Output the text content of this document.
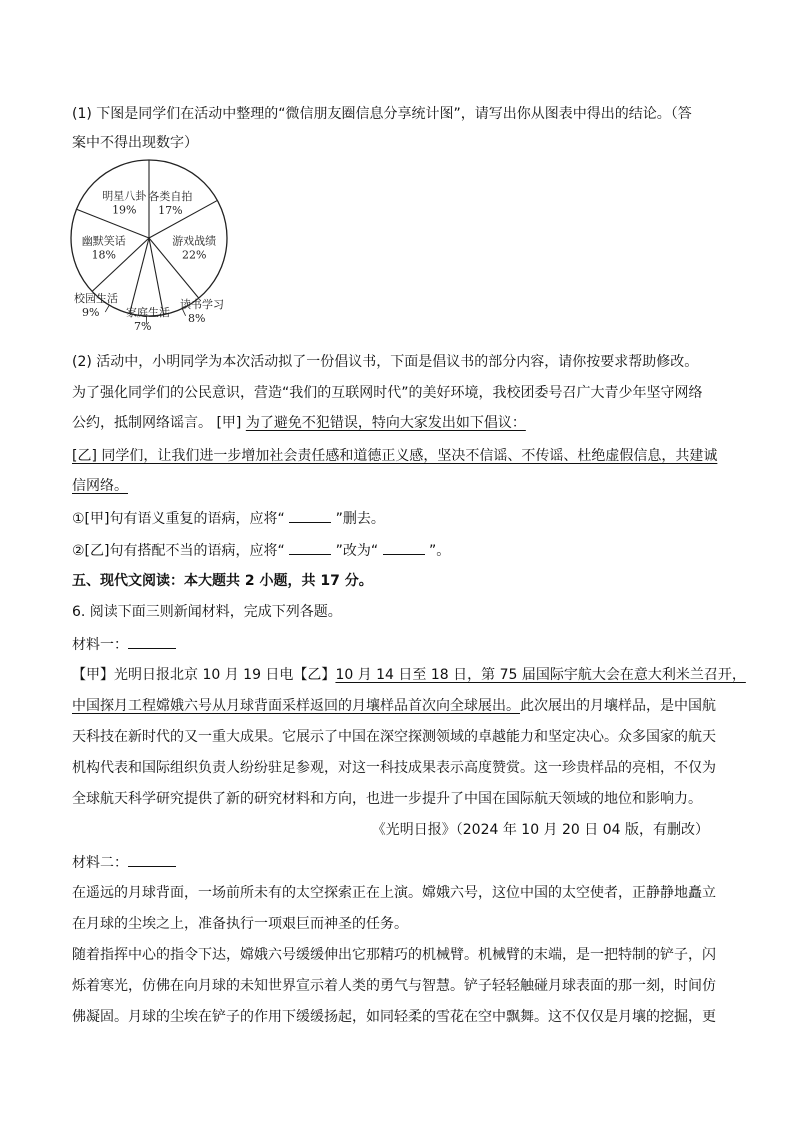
(1) 下图是同学们在活动中整理的“微信朋友圈信息分享统计图”，请写出你从图表中得出的结论。（答
案中不得出现数字）
各类自拍
17%
游戏战绩
22%
读书学习
8%
家庭生活
7%
校园生活
9%
幽默笑话
18%
明星八卦
19%
(2) 活动中，小明同学为本次活动拟了一份倡议书，下面是倡议书的部分内容，请你按要求帮助修改。
为了强化同学们的公民意识，营造“我们的互联网时代”的美好环境，我校团委号召广大青少年坚守网络
公约，抵制网络谣言。 [甲] 为了避免不犯错误，特向大家发出如下倡议：
[乙] 同学们，让我们进一步增加社会责任感和道德正义感，坚决不信谣、不传谣、杜绝虚假信息，共建诚
信网络。
①[甲]句有语义重复的语病，应将“	”删去。
②[乙]句有搭配不当的语病，应将“	”改为“	”。
五、现代文阅读：本大题共 2 小题，共 17 分。
6. 阅读下面三则新闻材料，完成下列各题。
材料一：
【甲】光明日报北京 10 月 19 日电【乙】10 月 14 日至 18 日，第 75 届国际宇航大会在意大利米兰召开，
中国探月工程嫦娥六号从月球背面采样返回的月壤样品首次向全球展出。此次展出的月壤样品，是中国航
天科技在新时代的又一重大成果。它展示了中国在深空探测领域的卓越能力和坚定决心。众多国家的航天
机构代表和国际组织负责人纷纷驻足参观，对这一科技成果表示高度赞赏。这一珍贵样品的亮相，不仅为
全球航天科学研究提供了新的研究材料和方向，也进一步提升了中国在国际航天领域的地位和影响力。
《光明日报》（2024 年 10 月 20 日 04 版，有删改）
材料二：
在遥远的月球背面，一场前所未有的太空探索正在上演。嫦娥六号，这位中国的太空使者，正静静地矗立
在月球的尘埃之上，准备执行一项艰巨而神圣的任务。
随着指挥中心的指令下达，嫦娥六号缓缓伸出它那精巧的机械臂。机械臂的末端，是一把特制的铲子，闪
烁着寒光，仿佛在向月球的未知世界宣示着人类的勇气与智慧。铲子轻轻触碰月球表面的那一刻，时间仿
佛凝固。月球的尘埃在铲子的作用下缓缓扬起，如同轻柔的雪花在空中飘舞。这不仅仅是月壤的挖掘，更
